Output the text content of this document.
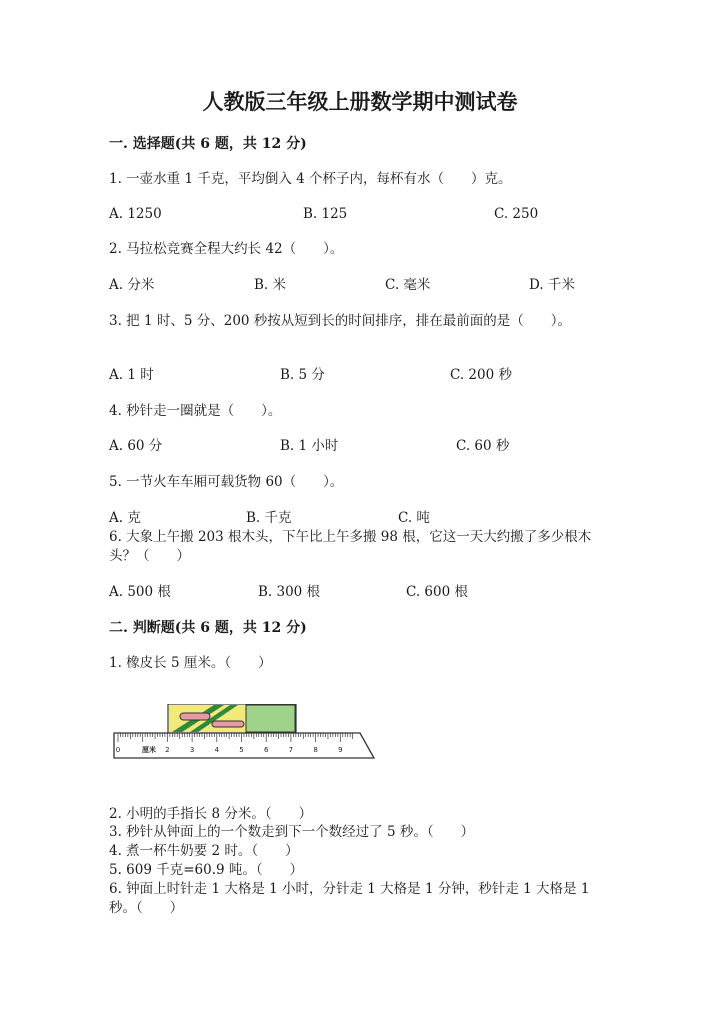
人教版三年级上册数学期中测试卷
一. 选择题(共 6 题，共 12 分)
1. 一壶水重 1 千克，平均倒入 4 个杯子内，每杯有水（　　）克。
A. 1250	B. 125	C. 250
2. 马拉松竞赛全程大约长 42（　　）。
A. 分米	B. 米	C. 毫米	D. 千米
3. 把 1 时、5 分、200 秒按从短到长的时间排序，排在最前面的是（　　）。
A. 1 时	B. 5 分	C. 200 秒
4. 秒针走一圈就是（　　）。
A. 60 分	B. 1 小时	C. 60 秒
5. 一节火车车厢可载货物 60（　　）。
A. 克	B. 千克	C. 吨
6. 大象上午搬 203 根木头，下午比上午多搬 98 根，它这一天大约搬了多少根木
头？（　　）
A. 500 根	B. 300 根	C. 600 根
二. 判断题(共 6 题，共 12 分)
1. 橡皮长 5 厘米。（　　）
厘米
0	2	3	4	5	6	7	8	9
2. 小明的手指长 8 分米。（　　）
3. 秒针从钟面上的一个数走到下一个数经过了 5 秒。（　　）
4. 煮一杯牛奶要 2 时。（　　）
5. 609 千克=60.9 吨。（　　）
6. 钟面上时针走 1 大格是 1 小时，分针走 1 大格是 1 分钟，秒针走 1 大格是 1
秒。（　　）
